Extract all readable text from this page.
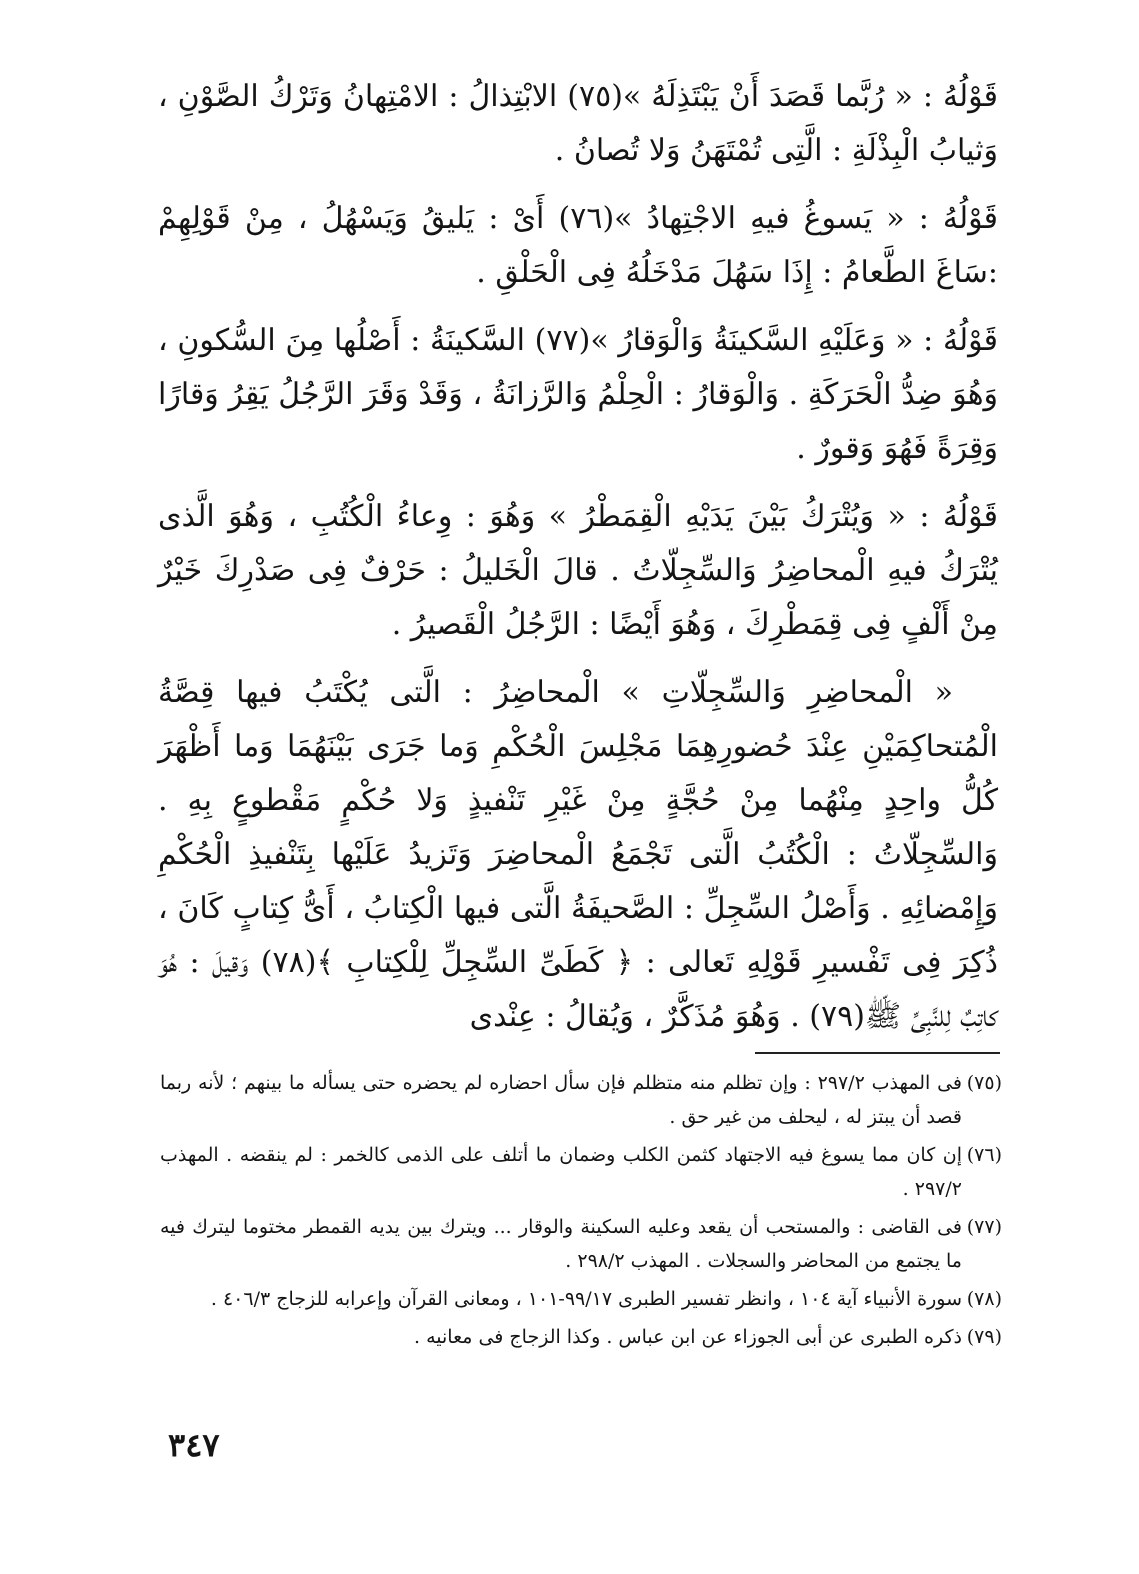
قَوْلُهُ : « رُبَّما قَصَدَ أَنْ يَبْتَذِلَهُ »(٧٥) الابْتِذالُ : الامْتِهانُ وَتَرْكُ الصَّوْنِ ، وَثيابُ الْبِذْلَةِ : الَّتِى تُمْتَهَنُ وَلا تُصانُ .

قَوْلُهُ : « يَسوغُ فيهِ الاجْتِهادُ »(٧٦) أَىْ : يَليقُ وَيَسْهُلُ ، مِنْ قَوْلِهِمْ :سَاغَ الطَّعامُ : إِذَا سَهُلَ مَدْخَلُهُ فِى الْحَلْقِ .

قَوْلُهُ : « وَعَلَيْهِ السَّكينَةُ وَالْوَقارُ »(٧٧) السَّكينَةُ : أَصْلُها مِنَ السُّكونِ ، وَهُوَ ضِدُّ الْحَرَكَةِ . وَالْوَقارُ : الْحِلْمُ وَالرَّزانَةُ ، وَقَدْ وَقَرَ الرَّجُلُ يَقِرُ وَقارًا وَقِرَةً فَهُوَ وَقورٌ .

قَوْلُهُ : « وَيُتْرَكُ بَيْنَ يَدَيْهِ الْقِمَطْرُ » وَهُوَ : وِعاءُ الْكُتُبِ ، وَهُوَ الَّذى يُتْرَكُ فيهِ الْمحاضِرُ وَالسِّجِلّاتُ . قالَ الْخَليلُ : حَرْفٌ فِى صَدْرِكَ خَيْرٌ مِنْ أَلْفٍ فِى قِمَطْرِكَ ، وَهُوَ أَيْضًا : الرَّجُلُ الْقَصيرُ .

« الْمحاضِرِ وَالسِّجِلّاتِ » الْمحاضِرُ : الَّتى يُكْتَبُ فيها قِصَّةُ الْمُتحاكِمَيْنِ عِنْدَ حُضورِهِمَا مَجْلِسَ الْحُكْمِ وَما جَرَى بَيْنَهُمَا وَما أَظْهَرَ كُلُّ واحِدٍ مِنْهُما مِنْ حُجَّةٍ مِنْ غَيْرِ تَنْفيذٍ وَلا حُكْمٍ مَقْطوعٍ بِهِ . وَالسِّجِلّاتُ : الْكُتُبُ الَّتى تَجْمَعُ الْمحاضِرَ وَتَزيدُ عَلَيْها بِتَنْفيذِ الْحُكْمِ وَإِمْضائِهِ . وَأَصْلُ السِّجِلِّ : الصَّحيفَةُ الَّتى فيها الْكِتابُ ، أَىُّ كِتابٍ كَانَ ، ذُكِرَ فِى تَفْسيرِ قَوْلِهِ تَعالى : ﴿ كَطَىِّ السِّجِلِّ لِلْكِتابِ ﴾(٧٨) وَقيلَ : هُوَ كاتِبٌ لِلنَّبِىِّ ﷺ(٧٩) . وَهُوَ مُذَكَّرٌ ، وَيُقالُ : عِنْدى

(٧٥)
فى المهذب ٢٩٧/٢ : وإن تظلم منه متظلم فإن سأل احضاره لم يحضره حتى يسأله ما بينهم ؛ لأنه ربما قصد أن يبتز له ، ليحلف من غير حق .
(٧٦)
إن كان مما يسوغ فيه الاجتهاد كثمن الكلب وضمان ما أتلف على الذمى كالخمر : لم ينقضه . المهذب ٢٩٧/٢ .
(٧٧)
فى القاضى : والمستحب أن يقعد وعليه السكينة والوقار ... ويترك بين يديه القمطر مختوما ليترك فيه ما يجتمع من المحاضر والسجلات . المهذب ٢٩٨/٢ .
(٧٨)
سورة الأنبياء آية ١٠٤ ، وانظر تفسير الطبرى ٩٩/١٧-١٠١ ، ومعانى القرآن وإعرابه للزجاج ٤٠٦/٣ .
(٧٩)
ذكره الطبرى عن أبى الجوزاء عن ابن عباس . وكذا الزجاج فى معانيه .
٣٤٧
